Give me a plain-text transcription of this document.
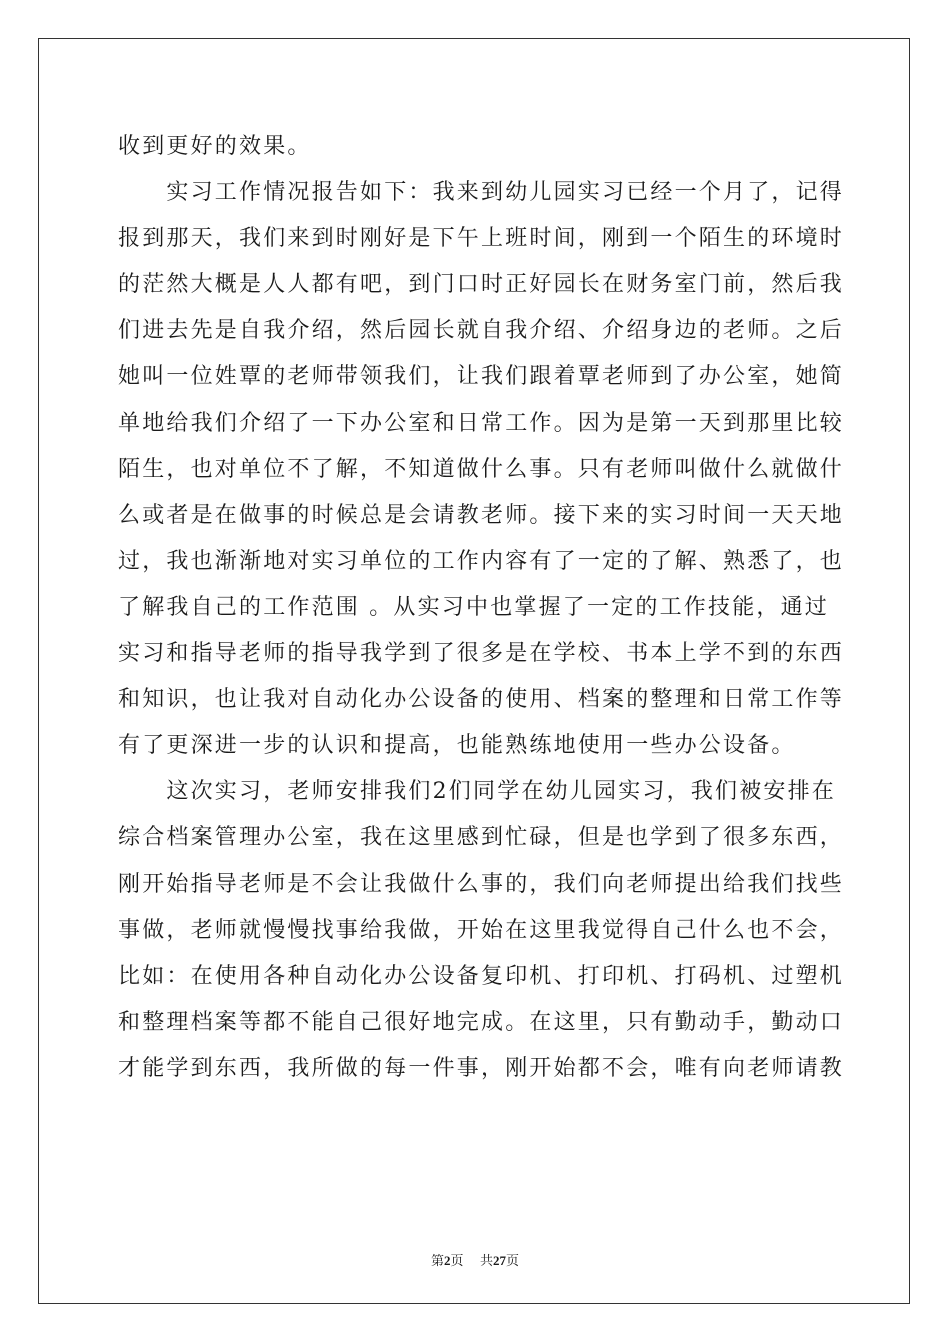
收到更好的效果。
　　实习工作情况报告如下：我来到幼儿园实习已经一个月了，记得
报到那天，我们来到时刚好是下午上班时间，刚到一个陌生的环境时
的茫然大概是人人都有吧，到门口时正好园长在财务室门前，然后我
们进去先是自我介绍，然后园长就自我介绍、介绍身边的老师。之后
她叫一位姓覃的老师带领我们，让我们跟着覃老师到了办公室，她简
单地给我们介绍了一下办公室和日常工作。因为是第一天到那里比较
陌生，也对单位不了解，不知道做什么事。只有老师叫做什么就做什
么或者是在做事的时候总是会请教老师。接下来的实习时间一天天地
过，我也渐渐地对实习单位的工作内容有了一定的了解、熟悉了，也
了解我自己的工作范围 。从实习中也掌握了一定的工作技能，通过
实习和指导老师的指导我学到了很多是在学校、书本上学不到的东西
和知识，也让我对自动化办公设备的使用、档案的整理和日常工作等
有了更深进一步的认识和提高，也能熟练地使用一些办公设备。
　　这次实习，老师安排我们2们同学在幼儿园实习，我们被安排在
综合档案管理办公室，我在这里感到忙碌，但是也学到了很多东西，
刚开始指导老师是不会让我做什么事的，我们向老师提出给我们找些
事做，老师就慢慢找事给我做，开始在这里我觉得自己什么也不会，
比如：在使用各种自动化办公设备复印机、打印机、打码机、过塑机
和整理档案等都不能自己很好地完成。在这里，只有勤动手，勤动口
才能学到东西，我所做的每一件事，刚开始都不会，唯有向老师请教
第2页 共27页
